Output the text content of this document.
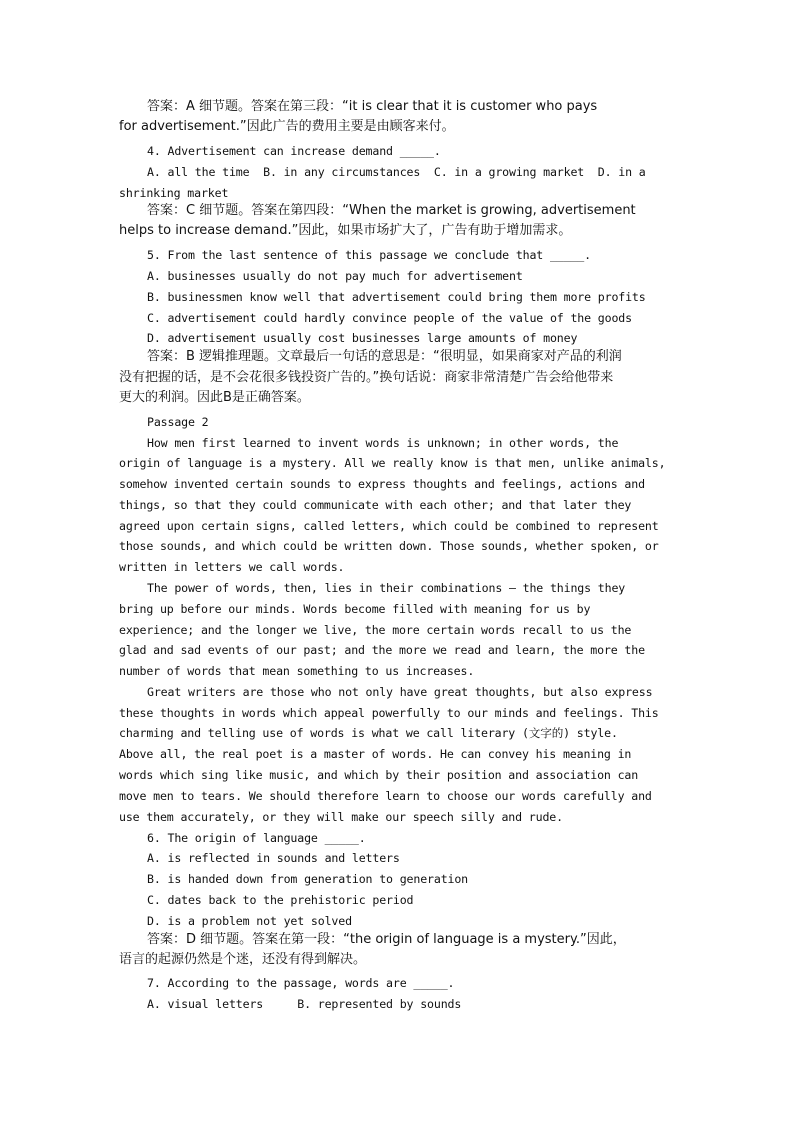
答案：A 细节题。答案在第三段：“it is clear that it is customer who pays
for advertisement.”因此广告的费用主要是由顾客来付。
4. Advertisement can increase demand _____.
A. all the time  B. in any circumstances  C. in a growing market  D. in a
shrinking market
答案：C 细节题。答案在第四段：“When the market is growing, advertisement
helps to increase demand.”因此，如果市场扩大了，广告有助于增加需求。
5. From the last sentence of this passage we conclude that _____.
A. businesses usually do not pay much for advertisement
B. businessmen know well that advertisement could bring them more profits
C. advertisement could hardly convince people of the value of the goods
D. advertisement usually cost businesses large amounts of money
答案：B 逻辑推理题。文章最后一句话的意思是：“很明显，如果商家对产品的利润
没有把握的话，是不会花很多钱投资广告的。”换句话说：商家非常清楚广告会给他带来
更大的利润。因此B是正确答案。
Passage 2
How men first learned to invent words is unknown; in other words, the
origin of language is a mystery. All we really know is that men, unlike animals,
somehow invented certain sounds to express thoughts and feelings, actions and
things, so that they could communicate with each other; and that later they
agreed upon certain signs, called letters, which could be combined to represent
those sounds, and which could be written down. Those sounds, whether spoken, or
written in letters we call words.
The power of words, then, lies in their combinations — the things they
bring up before our minds. Words become filled with meaning for us by
experience; and the longer we live, the more certain words recall to us the
glad and sad events of our past; and the more we read and learn, the more the
number of words that mean something to us increases.
Great writers are those who not only have great thoughts, but also express
these thoughts in words which appeal powerfully to our minds and feelings. This
charming and telling use of words is what we call literary (文字的) style.
Above all, the real poet is a master of words. He can convey his meaning in
words which sing like music, and which by their position and association can
move men to tears. We should therefore learn to choose our words carefully and
use them accurately, or they will make our speech silly and rude.
6. The origin of language _____.
A. is reflected in sounds and letters
B. is handed down from generation to generation
C. dates back to the prehistoric period
D. is a problem not yet solved
答案：D 细节题。答案在第一段：“the origin of language is a mystery.”因此，
语言的起源仍然是个迷，还没有得到解决。
7. According to the passage, words are _____.
A. visual letters     B. represented by sounds
